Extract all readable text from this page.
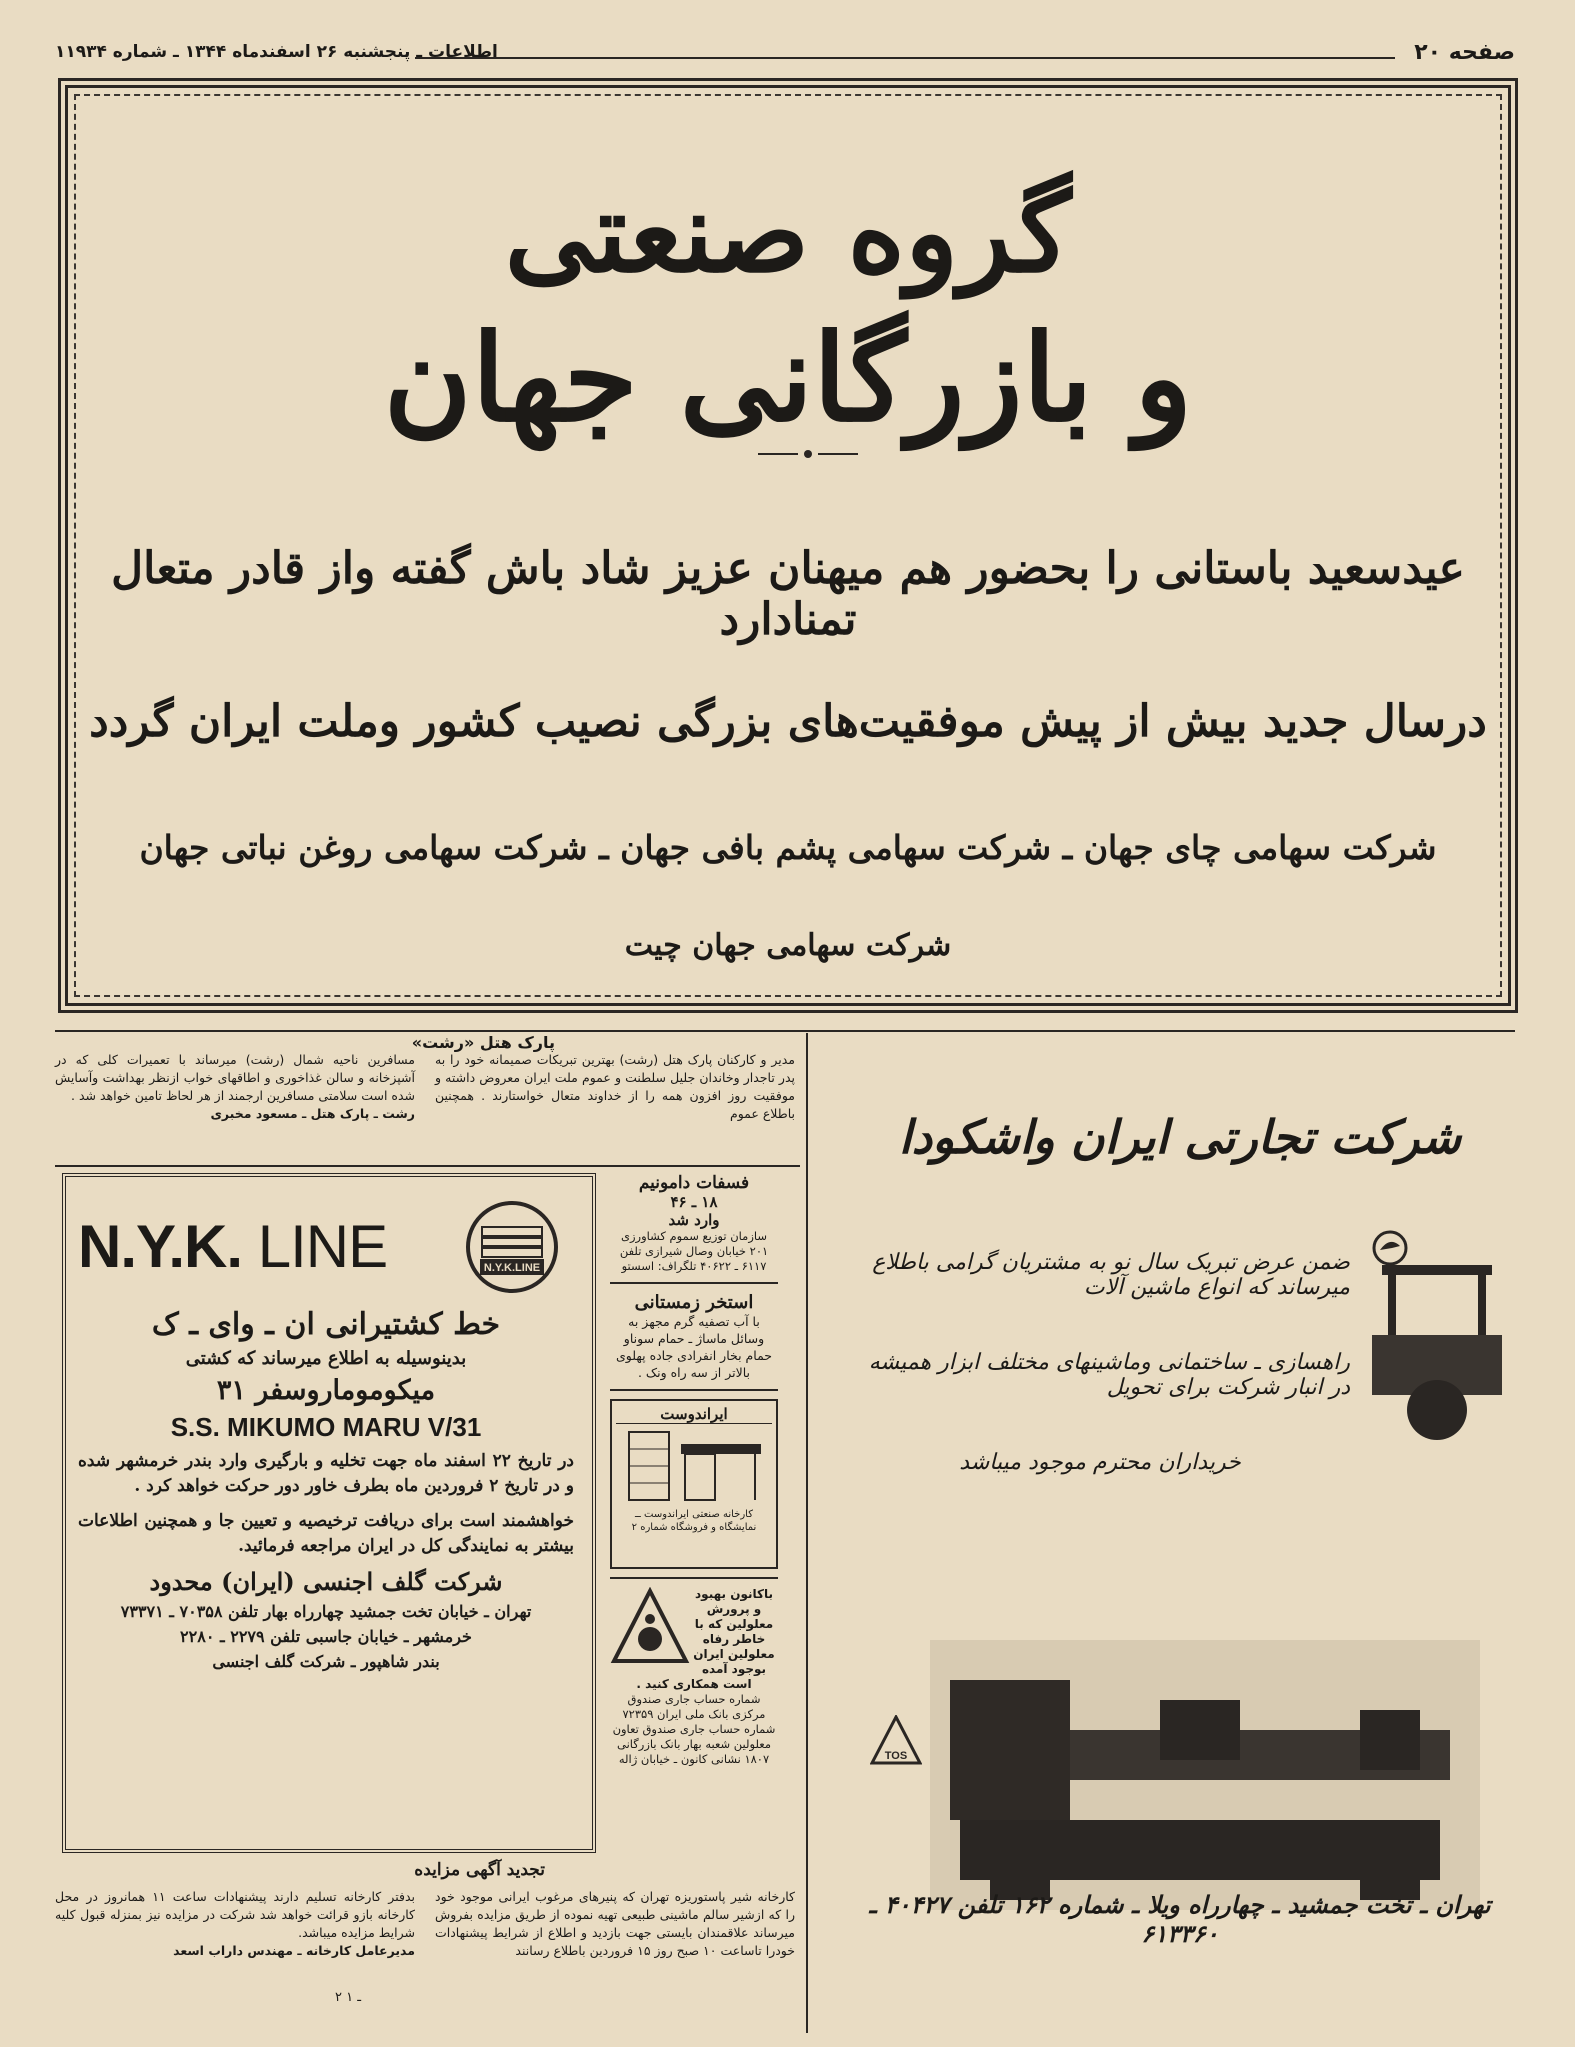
صفحه ۲۰
اطلاعات ـ پنجشنبه ۲۶ اسفندماه ۱۳۴۴ ـ شماره ۱۱۹۳۴
گروه صنعتی
و بازرگانی جهان
عیدسعید باستانی را بحضور هم میهنان عزیز شاد باش گفته واز قادر متعال تمنادارد
درسال جدید بیش از پیش موفقیت‌های بزرگی نصیب کشور وملت ایران گردد
شرکت سهامی چای جهان ـ شرکت سهامی پشم بافی جهان ـ شرکت سهامی روغن نباتی جهان
شرکت سهامی جهان چیت
پارک هتل «رشت»
مدیر و کارکنان پارک هتل (رشت) بهترین تبریکات صمیمانه خود را به پدر تاجدار وخاندان جلیل سلطنت و عموم ملت ایران معروض داشته و موفقیت روز افزون همه را از خداوند متعال خواستارند . همچنین باطلاع عموم
مسافرین ناحیه شمال (رشت) میرساند با تعمیرات کلی که در آشپزخانه و سالن غذاخوری و اطاقهای خواب ازنظر بهداشت وآسایش شده است سلامتی مسافرین ارجمند از هر لحاظ تامین خواهد شد .
رشت ـ پارک هتل ـ مسعود مخبری
N.Y.K. LINE	N.Y.K.LINE
خط کشتیرانی ان ـ وای ـ ک
بدینوسیله به اطلاع میرساند که کشتی
میکوموماروسفر ۳۱
S.S. MIKUMO MARU V/31
در تاریخ ۲۲ اسفند ماه جهت تخلیه و بارگیری وارد بندر خرمشهر شده و در تاریخ ۲ فروردین ماه بطرف خاور دور حرکت خواهد کرد .
خواهشمند است برای دریافت ترخیصیه و تعیین جا و همچنین اطلاعات بیشتر به نمایندگی کل در ایران مراجعه فرمائید.
شرکت گلف اجنسی (ایران) محدود
تهران ـ خیابان تخت جمشید چهارراه بهار تلفن ۷۰۳۵۸ ـ ۷۳۳۷۱
خرمشهر ـ خیابان جاسبی تلفن ۲۲۷۹ ـ ۲۲۸۰
بندر شاهپور ـ شرکت گلف اجنسی
فسفات دامونیم
۱۸ ـ ۴۶
وارد شد
سازمان توزیع سموم کشاورزی ۲۰۱ خیابان وصال شیرازی تلفن ۶۱۱۷ ـ ۴۰۶۲۲ تلگراف: اسستو
استخر زمستانی
با آب تصفیه گرم مجهز به وسائل ماساژ ـ حمام سوناو حمام بخار انفرادی جاده پهلوی بالاتر از سه راه ونک .
ایراندوست
کارخانه صنعتی ایراندوست ــ نمایشگاه و فروشگاه شماره ۲
باکانون بهبود و پرورش معلولین که با خاطر رفاه معلولین ایران بوجود آمده است همکاری کنید .
شماره حساب جاری صندوق مرکزی بانک ملی ایران ۷۲۳۵۹ شماره حساب جاری صندوق تعاون معلولین شعبه بهار بانک بازرگانی ۱۸۰۷ نشانی کانون ـ خیابان ژاله
شرکت تجارتی ایران واشکودا
ضمن عرض تبریک سال نو به مشتریان گرامی باطلاع میرساند که انواع ماشین آلات
راهسازی ـ ساختمانی وماشینهای مختلف ابزار همیشه در انبار شرکت برای تحویل
خریداران محترم موجود میباشد
TOS
تهران ـ تخت جمشید ـ چهارراه ویلا ـ شماره ۱۶۲ تلفن ۴۰۴۲۷ ـ ۶۱۳۳۶۰
تجدید آگهی مزایده
کارخانه شیر پاستوریزه تهران که پنیرهای مرغوب ایرانی موجود خود را که ازشیر سالم ماشینی طبیعی تهیه نموده از طریق مزایده بفروش میرساند علاقمندان بایستی جهت بازدید و اطلاع از شرایط پیشنهادات خودرا تاساعت ۱۰ صبح روز ۱۵ فروردین باطلاع رسانند
بدفتر کارخانه تسلیم دارند پیشنهادات ساعت ۱۱ همانروز در محل کارخانه بازو قرائت خواهد شد شرکت در مزایده نیز بمنزله قبول کلیه شرایط مزایده میباشد.
مدیرعامل کارخانه ـ مهندس داراب اسعد
۲ ـ ۱
